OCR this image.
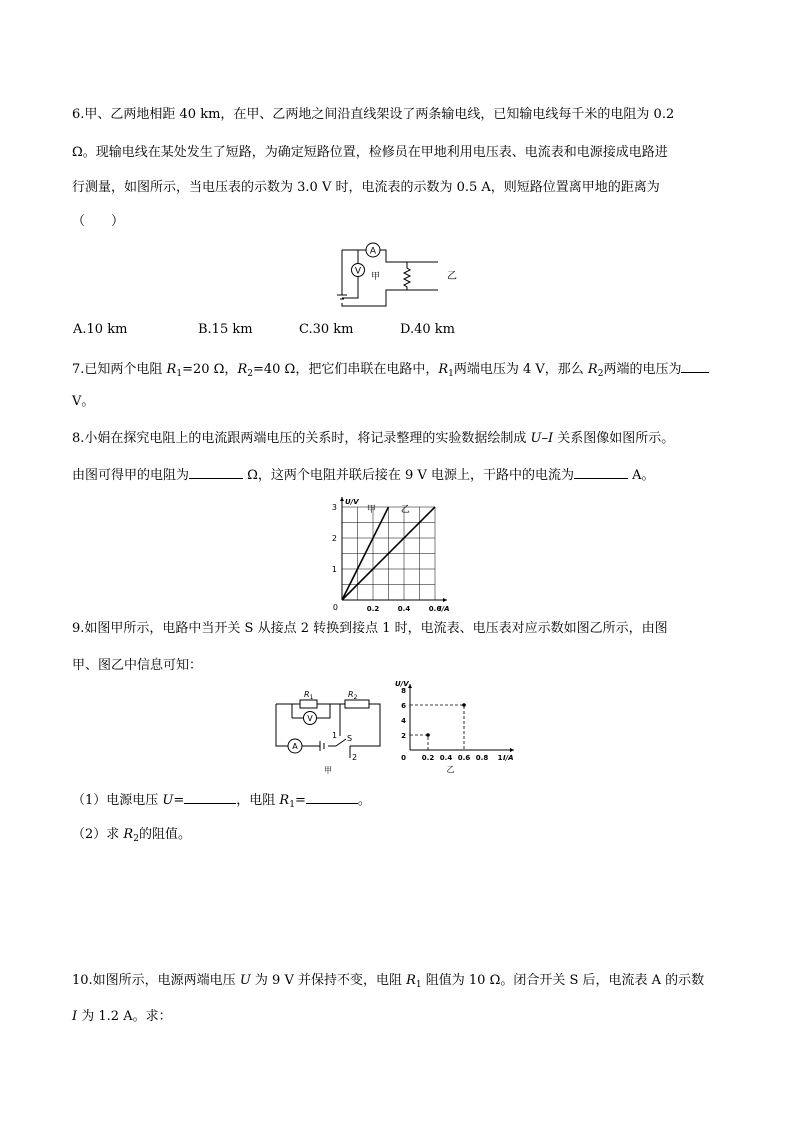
6.甲、乙两地相距 40 km，在甲、乙两地之间沿直线架设了两条输电线，已知输电线每千米的电阻为 0.2
Ω。现输电线在某处发生了短路，为确定短路位置，检修员在甲地利用电压表、电流表和电源接成电路进
行测量，如图所示，当电压表的示数为 3.0 V 时，电流表的示数为 0.5 A，则短路位置离甲地的距离为
（　　）
A
V
甲	乙
A.10 km	B.15 km	C.30 km	D.40 km
7.已知两个电阻 $R_1=20$ Ω，$R_2=40$ Ω，把它们串联在电路中，$R_1$两端电压为 4 V，那么 $R_2$两端的电压为
V。
8.小娟在探究电阻上的电流跟两端电压的关系时，将记录整理的实验数据绘制成 U–I 关系图像如图所示。
由图可得甲的电阻为	Ω，这两个电阻并联后接在 9 V 电源上，干路中的电流为	A。
甲	乙
0.2	0.4	0.6
1
2
3
0	I/A
U/V
9.如图甲所示，电路中当开关 S 从接点 2 转换到接点 1 时，电流表、电压表对应示数如图乙所示，由图
甲、图乙中信息可知：
V
A
$R_1$	$R_2$
1 S
2
甲
0.2 0.4 0.6 0.8 1
2
4
6
8
0	I/A
U/V
乙
（1）电源电压 U=	，电阻 $R_1=$	。
（2）求 $R_2$的阻值。
10.如图所示，电源两端电压 U 为 9 V 并保持不变，电阻 $R_1$ 阻值为 10 Ω。闭合开关 S 后，电流表 A 的示数
I 为 1.2 A。求：
